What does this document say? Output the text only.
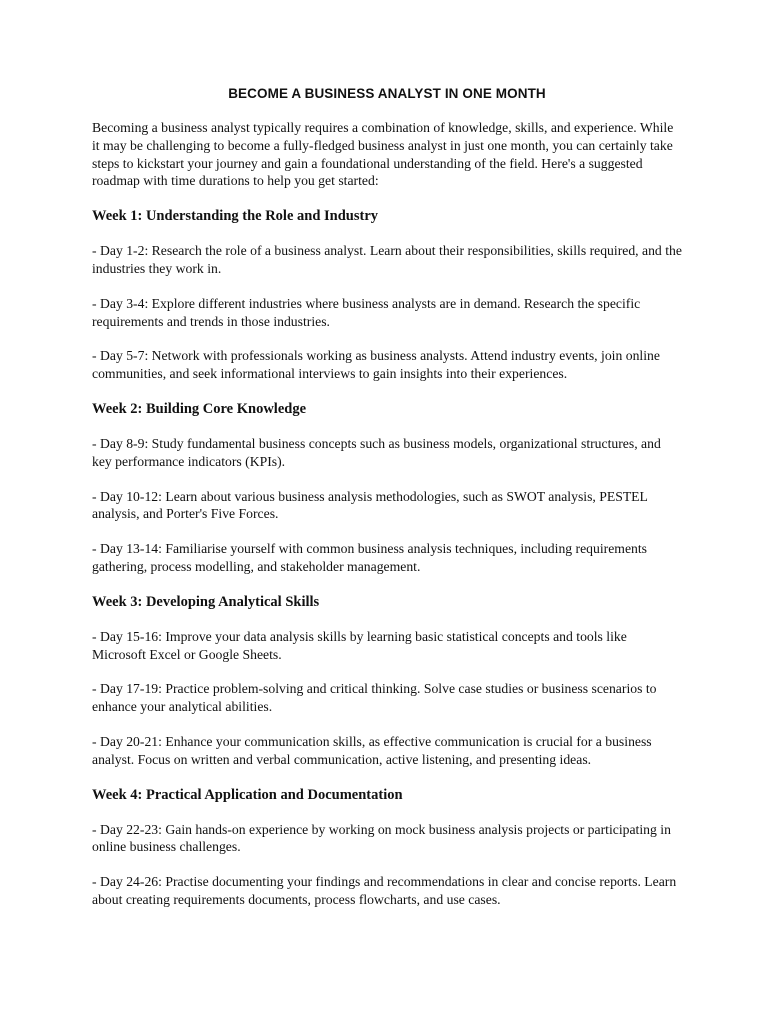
BECOME A BUSINESS ANALYST IN ONE MONTH

Becoming a business analyst typically requires a combination of knowledge, skills, and experience. While it may be challenging to become a fully-fledged business analyst in just one month, you can certainly take steps to kickstart your journey and gain a foundational understanding of the field. Here's a suggested roadmap with time durations to help you get started:

Week 1: Understanding the Role and Industry

- Day 1-2: Research the role of a business analyst. Learn about their responsibilities, skills required, and the industries they work in.

- Day 3-4: Explore different industries where business analysts are in demand. Research the specific requirements and trends in those industries.

- Day 5-7: Network with professionals working as business analysts. Attend industry events, join online communities, and seek informational interviews to gain insights into their experiences.

Week 2: Building Core Knowledge

- Day 8-9: Study fundamental business concepts such as business models, organizational structures, and key performance indicators (KPIs).

- Day 10-12: Learn about various business analysis methodologies, such as SWOT analysis, PESTEL analysis, and Porter's Five Forces.

- Day 13-14: Familiarise yourself with common business analysis techniques, including requirements gathering, process modelling, and stakeholder management.

Week 3: Developing Analytical Skills

- Day 15-16: Improve your data analysis skills by learning basic statistical concepts and tools like Microsoft Excel or Google Sheets.

- Day 17-19: Practice problem-solving and critical thinking. Solve case studies or business scenarios to enhance your analytical abilities.

- Day 20-21: Enhance your communication skills, as effective communication is crucial for a business analyst. Focus on written and verbal communication, active listening, and presenting ideas.

Week 4: Practical Application and Documentation

- Day 22-23: Gain hands-on experience by working on mock business analysis projects or participating in online business challenges.

- Day 24-26: Practise documenting your findings and recommendations in clear and concise reports. Learn about creating requirements documents, process flowcharts, and use cases.
